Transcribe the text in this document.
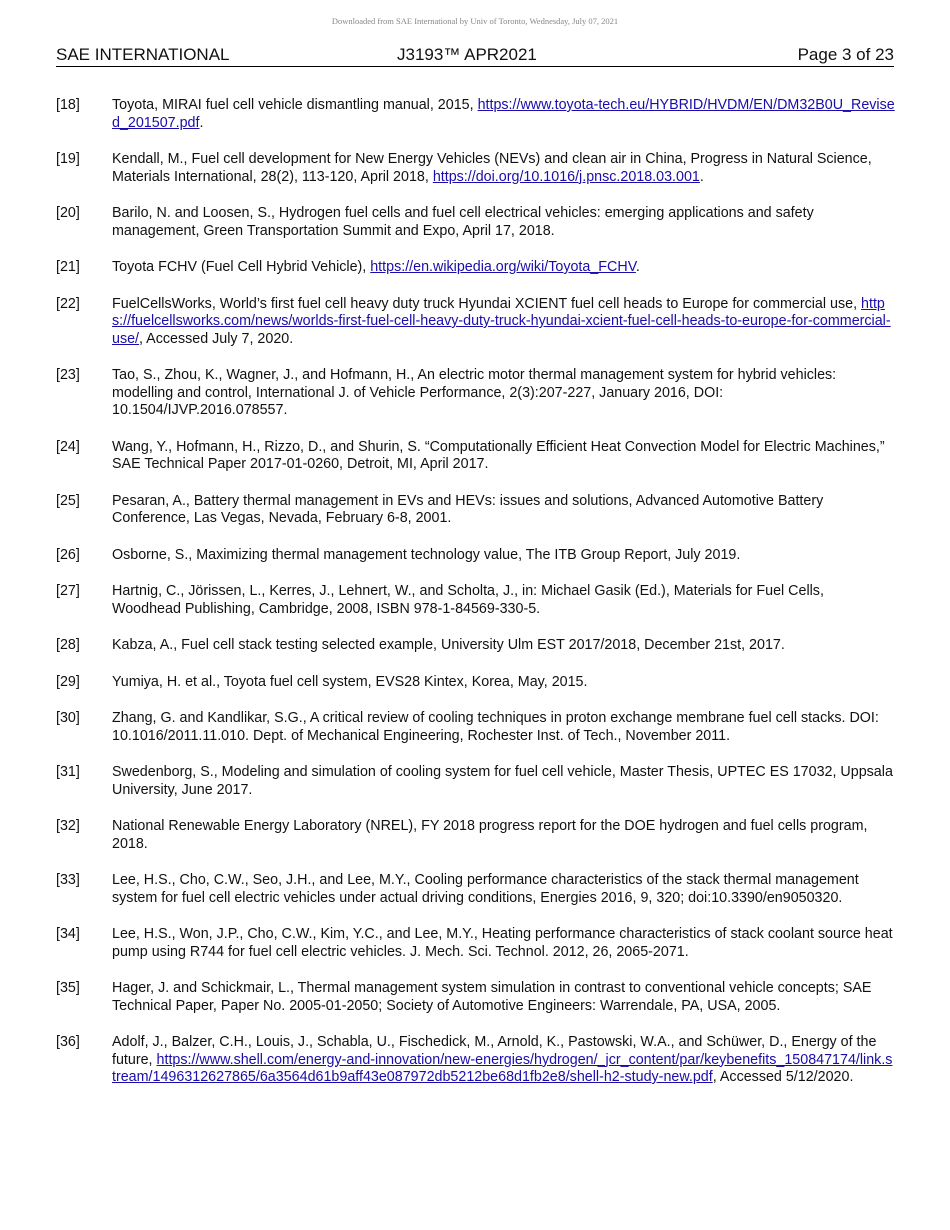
Downloaded from SAE International by Univ of Toronto, Wednesday, July 07, 2021
SAE INTERNATIONAL	J3193™ APR2021	Page 3 of 23
[18]	Toyota, MIRAI fuel cell vehicle dismantling manual, 2015, https://www.toyota-tech.eu/HYBRID/HVDM/EN/DM32B0U_Revised_201507.pdf.
[19]	Kendall, M., Fuel cell development for New Energy Vehicles (NEVs) and clean air in China, Progress in Natural Science, Materials International, 28(2), 113-120, April 2018, https://doi.org/10.1016/j.pnsc.2018.03.001.
[20]	Barilo, N. and Loosen, S., Hydrogen fuel cells and fuel cell electrical vehicles: emerging applications and safety management, Green Transportation Summit and Expo, April 17, 2018.
[21]	Toyota FCHV (Fuel Cell Hybrid Vehicle), https://en.wikipedia.org/wiki/Toyota_FCHV.
[22]	FuelCellsWorks, World’s first fuel cell heavy duty truck Hyundai XCIENT fuel cell heads to Europe for commercial use, https://fuelcellsworks.com/news/worlds-first-fuel-cell-heavy-duty-truck-hyundai-xcient-fuel-cell-heads-to-europe-for-commercial-use/, Accessed July 7, 2020.
[23]	Tao, S., Zhou, K., Wagner, J., and Hofmann, H., An electric motor thermal management system for hybrid vehicles: modelling and control, International J. of Vehicle Performance, 2(3):207-227, January 2016, DOI: 10.1504/IJVP.2016.078557.
[24]	Wang, Y., Hofmann, H., Rizzo, D., and Shurin, S. “Computationally Efficient Heat Convection Model for Electric Machines,” SAE Technical Paper 2017-01-0260, Detroit, MI, April 2017.
[25]	Pesaran, A., Battery thermal management in EVs and HEVs: issues and solutions, Advanced Automotive Battery Conference, Las Vegas, Nevada, February 6-8, 2001.
[26]	Osborne, S., Maximizing thermal management technology value, The ITB Group Report, July 2019.
[27]	Hartnig, C., Jörissen, L., Kerres, J., Lehnert, W., and Scholta, J., in: Michael Gasik (Ed.), Materials for Fuel Cells, Woodhead Publishing, Cambridge, 2008, ISBN 978-1-84569-330-5.
[28]	Kabza, A., Fuel cell stack testing selected example, University Ulm EST 2017/2018, December 21st, 2017.
[29]	Yumiya, H. et al., Toyota fuel cell system, EVS28 Kintex, Korea, May, 2015.
[30]	Zhang, G. and Kandlikar, S.G., A critical review of cooling techniques in proton exchange membrane fuel cell stacks. DOI: 10.1016/2011.11.010. Dept. of Mechanical Engineering, Rochester Inst. of Tech., November 2011.
[31]	Swedenborg, S., Modeling and simulation of cooling system for fuel cell vehicle, Master Thesis, UPTEC ES 17032, Uppsala University, June 2017.
[32]	National Renewable Energy Laboratory (NREL), FY 2018 progress report for the DOE hydrogen and fuel cells program, 2018.
[33]	Lee, H.S., Cho, C.W., Seo, J.H., and Lee, M.Y., Cooling performance characteristics of the stack thermal management system for fuel cell electric vehicles under actual driving conditions, Energies 2016, 9, 320; doi:10.3390/en9050320.
[34]	Lee, H.S., Won, J.P., Cho, C.W., Kim, Y.C., and Lee, M.Y., Heating performance characteristics of stack coolant source heat pump using R744 for fuel cell electric vehicles. J. Mech. Sci. Technol. 2012, 26, 2065-2071.
[35]	Hager, J. and Schickmair, L., Thermal management system simulation in contrast to conventional vehicle concepts; SAE Technical Paper, Paper No. 2005-01-2050; Society of Automotive Engineers: Warrendale, PA, USA, 2005.
[36]	Adolf, J., Balzer, C.H., Louis, J., Schabla, U., Fischedick, M., Arnold, K., Pastowski, W.A., and Schüwer, D., Energy of the future, https://www.shell.com/energy-and-innovation/new-energies/hydrogen/_jcr_content/par/keybenefits_150847174/link.stream/1496312627865/6a3564d61b9aff43e087972db5212be68d1fb2e8/shell-h2-study-new.pdf, Accessed 5/12/2020.
